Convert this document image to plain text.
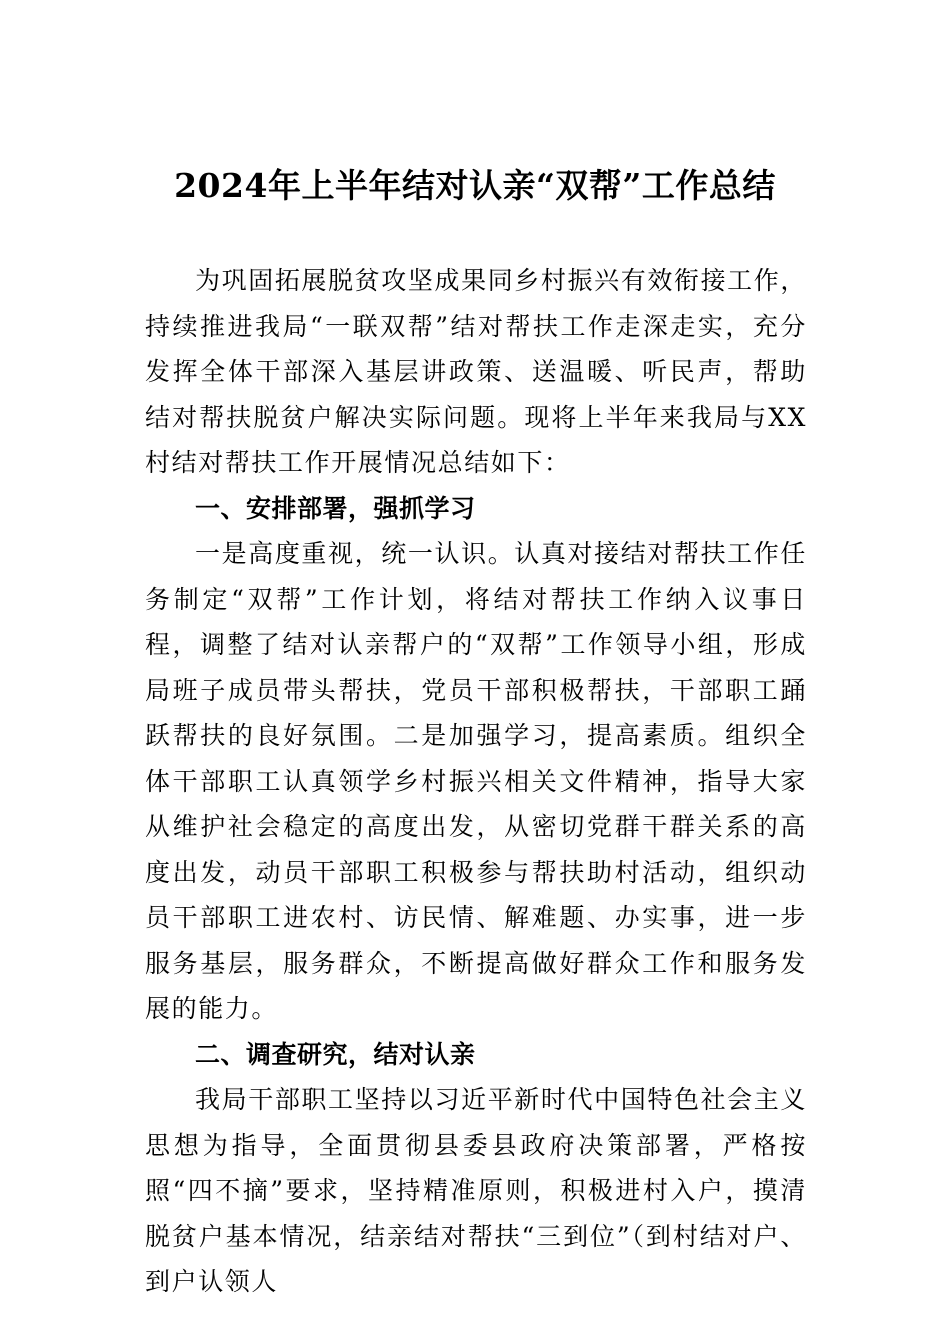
2024年上半年结对认亲“双帮”工作总结

为巩固拓展脱贫攻坚成果同乡村振兴有效衔接工作，持续推进我局“一联双帮”结对帮扶工作走深走实，充分发挥全体干部深入基层讲政策、送温暖、听民声，帮助结对帮扶脱贫户解决实际问题。现将上半年来我局与XX村结对帮扶工作开展情况总结如下：

一、安排部署，强抓学习

一是高度重视，统一认识。认真对接结对帮扶工作任务制定“双帮”工作计划，将结对帮扶工作纳入议事日程，调整了结对认亲帮户的“双帮”工作领导小组，形成局班子成员带头帮扶，党员干部积极帮扶，干部职工踊跃帮扶的良好氛围。二是加强学习，提高素质。组织全体干部职工认真领学乡村振兴相关文件精神，指导大家从维护社会稳定的高度出发，从密切党群干群关系的高度出发，动员干部职工积极参与帮扶助村活动，组织动员干部职工进农村、访民情、解难题、办实事，进一步服务基层，服务群众，不断提高做好群众工作和服务发展的能力。

二、调查研究，结对认亲

我局干部职工坚持以习近平新时代中国特色社会主义思想为指导，全面贯彻县委县政府决策部署，严格按照“四不摘”要求，坚持精准原则，积极进村入户，摸清脱贫户基本情况，结亲结对帮扶“三到位”（到村结对户、到户认领人
